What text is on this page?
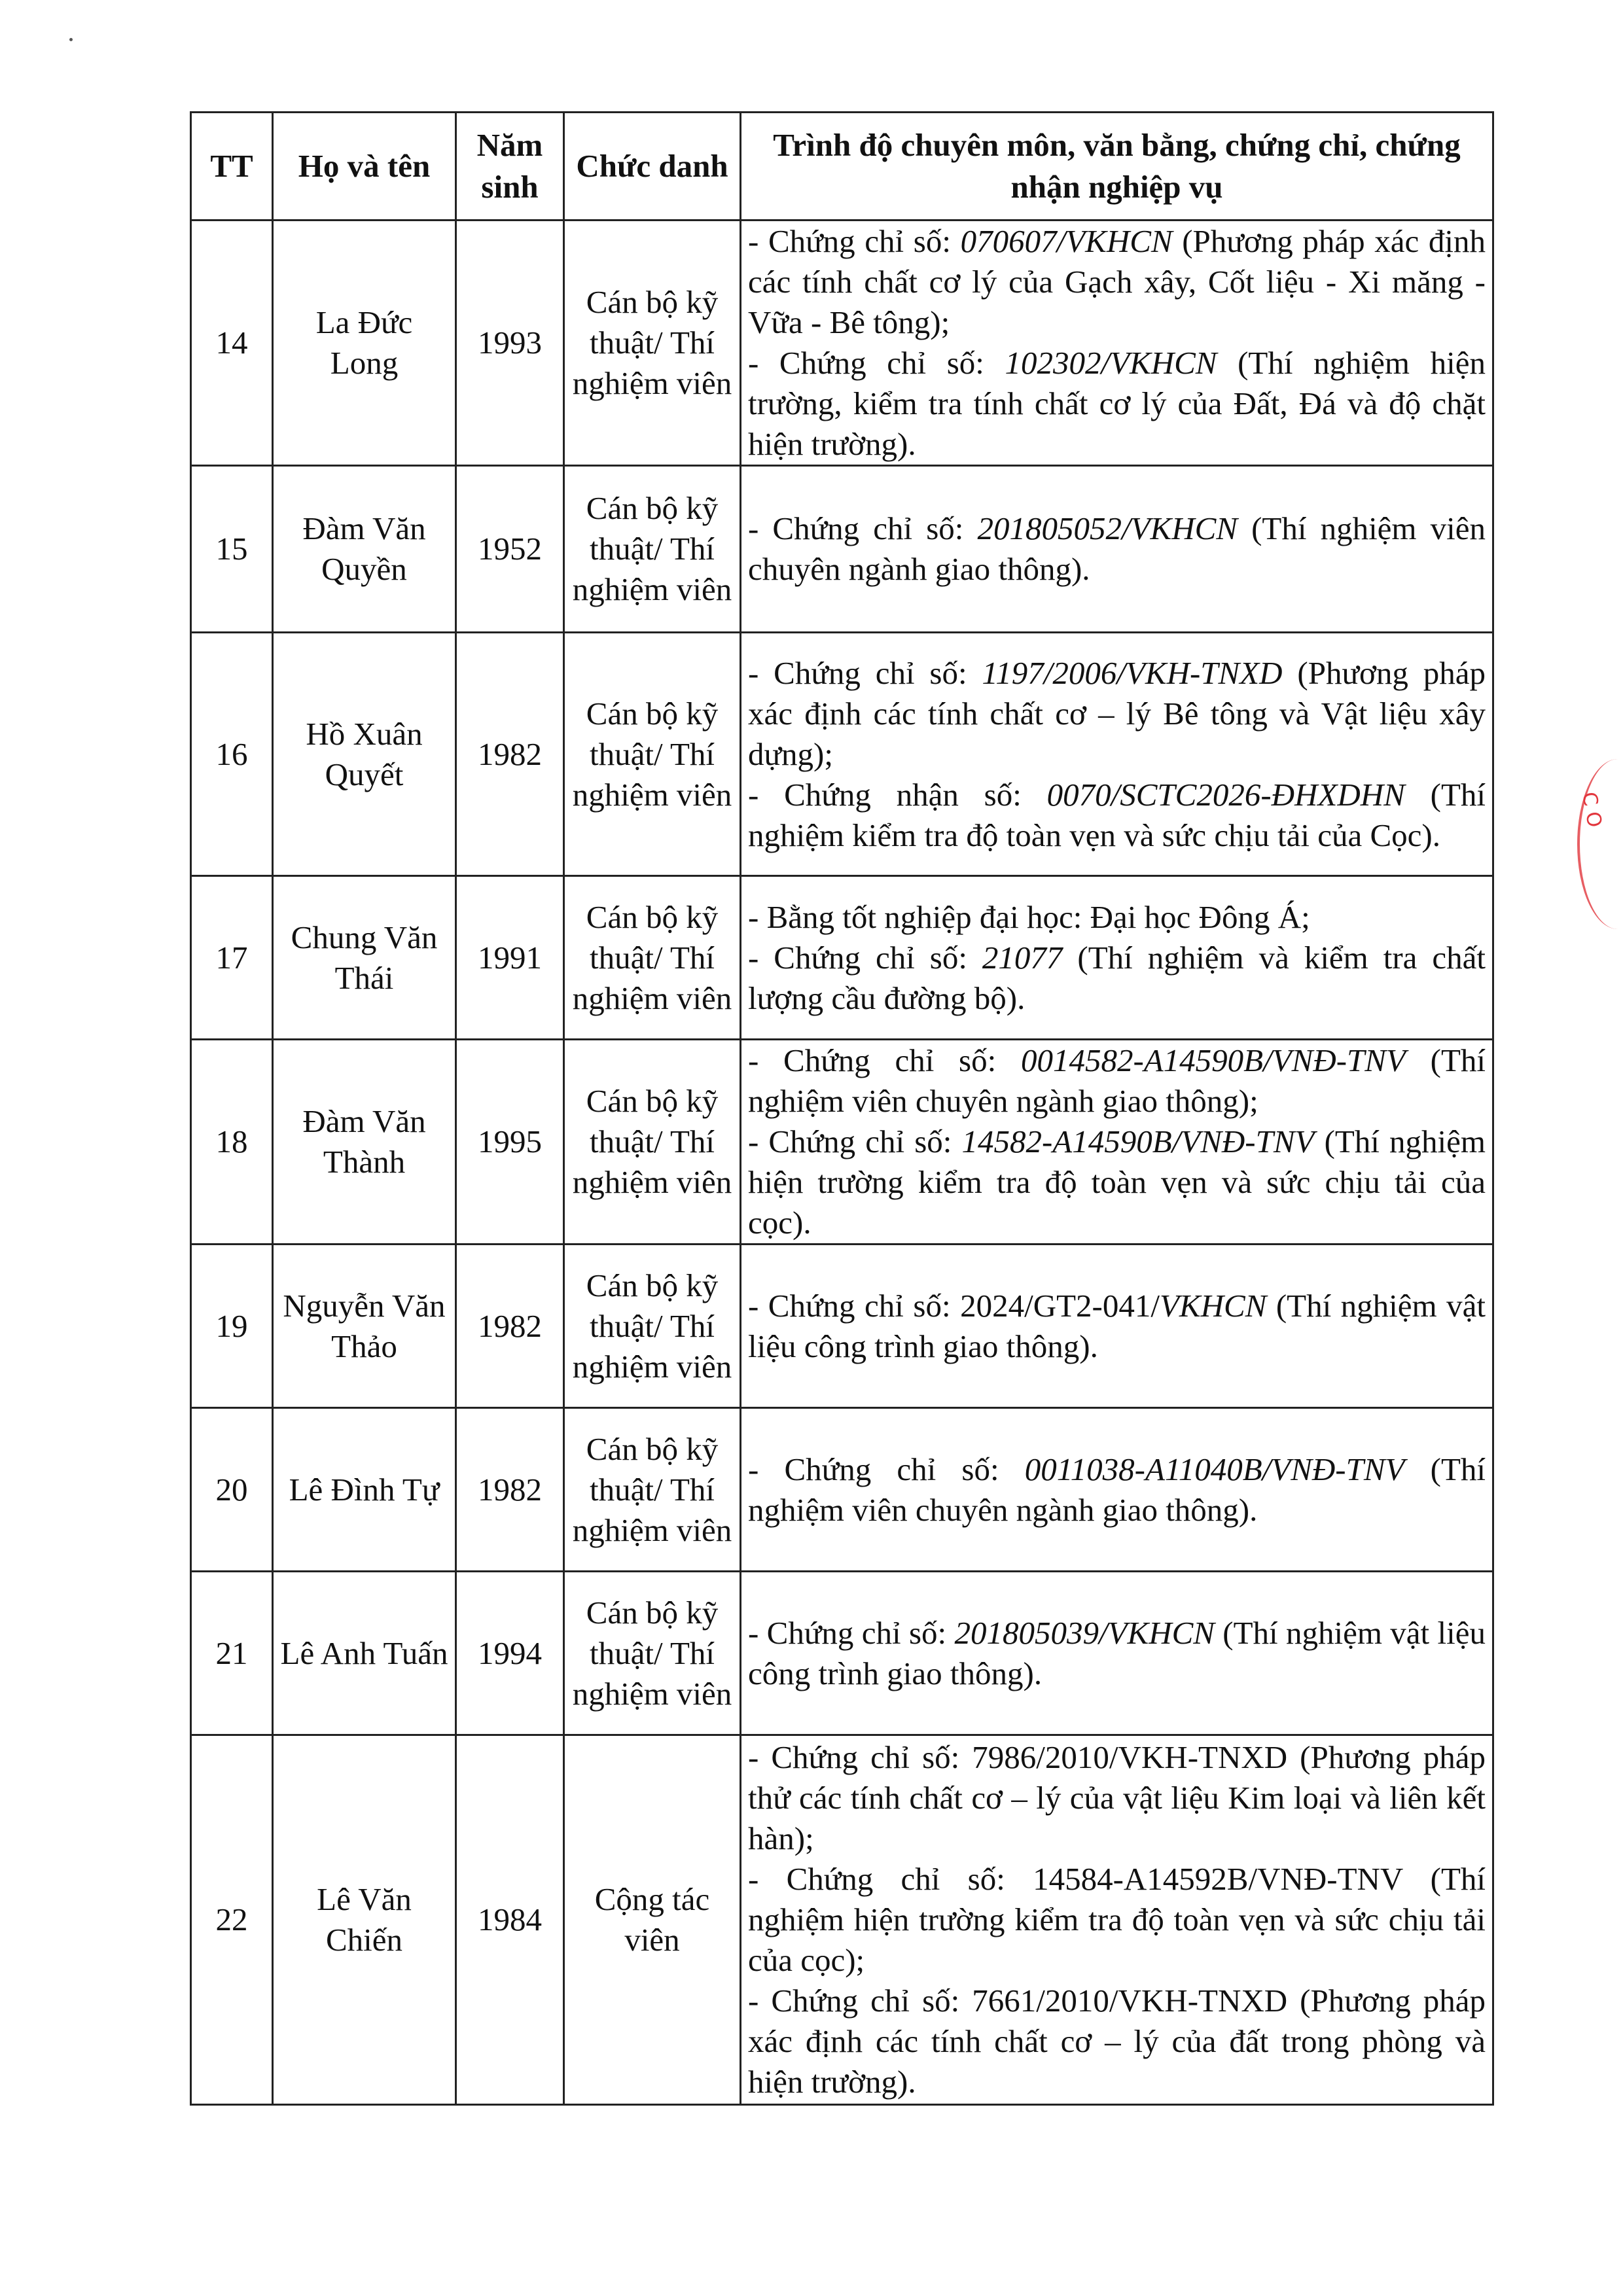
TT	Họ và tên	Năm sinh	Chức danh	Trình độ chuyên môn, văn bằng, chứng chỉ, chứng nhận nghiệp vụ
14	La Đức Long	1993	Cán bộ kỹ thuật/ Thí nghiệm viên	- Chứng chỉ số: 070607/VKHCN (Phương pháp xác định các tính chất cơ lý của Gạch xây, Cốt liệu - Xi măng - Vữa - Bê tông);
- Chứng chỉ số: 102302/VKHCN (Thí nghiệm hiện trường, kiểm tra tính chất cơ lý của Đất, Đá và độ chặt hiện trường).

15	Đàm Văn Quyền	1952	Cán bộ kỹ thuật/ Thí nghiệm viên	- Chứng chỉ số: 201805052/VKHCN (Thí nghiệm viên chuyên ngành giao thông).

16	Hồ Xuân Quyết	1982	Cán bộ kỹ thuật/ Thí nghiệm viên	- Chứng chỉ số: 1197/2006/VKH-TNXD (Phương pháp xác định các tính chất cơ – lý Bê tông và Vật liệu xây dựng);
- Chứng nhận số: 0070/SCTC2026-ĐHXDHN (Thí nghiệm kiểm tra độ toàn vẹn và sức chịu tải của Cọc).

17	Chung Văn Thái	1991	Cán bộ kỹ thuật/ Thí nghiệm viên	- Bằng tốt nghiệp đại học: Đại học Đông Á;
- Chứng chỉ số: 21077 (Thí nghiệm và kiểm tra chất lượng cầu đường bộ).

18	Đàm Văn Thành	1995	Cán bộ kỹ thuật/ Thí nghiệm viên	- Chứng chỉ số: 0014582-A14590B/VNĐ-TNV (Thí nghiệm viên chuyên ngành giao thông);
- Chứng chỉ số: 14582-A14590B/VNĐ-TNV (Thí nghiệm hiện trường kiểm tra độ toàn vẹn và sức chịu tải của cọc).

19	Nguyễn Văn Thảo	1982	Cán bộ kỹ thuật/ Thí nghiệm viên	- Chứng chỉ số: 2024/GT2-041/VKHCN (Thí nghiệm vật liệu công trình giao thông).

20	Lê Đình Tự	1982	Cán bộ kỹ thuật/ Thí nghiệm viên	- Chứng chỉ số: 0011038-A11040B/VNĐ-TNV (Thí nghiệm viên chuyên ngành giao thông).

21	Lê Anh Tuấn	1994	Cán bộ kỹ thuật/ Thí nghiệm viên	- Chứng chỉ số: 201805039/VKHCN (Thí nghiệm vật liệu công trình giao thông).

22	Lê Văn Chiến	1984	Cộng tác viên	- Chứng chỉ số: 7986/2010/VKH-TNXD (Phương pháp thử các tính chất cơ – lý của vật liệu Kim loại và liên kết hàn);
- Chứng chỉ số: 14584-A14592B/VNĐ-TNV (Thí nghiệm hiện trường kiểm tra độ toàn vẹn và sức chịu tải của cọc);
- Chứng chỉ số: 7661/2010/VKH-TNXD (Phương pháp xác định các tính chất cơ – lý của đất trong phòng và hiện trường).
C O
